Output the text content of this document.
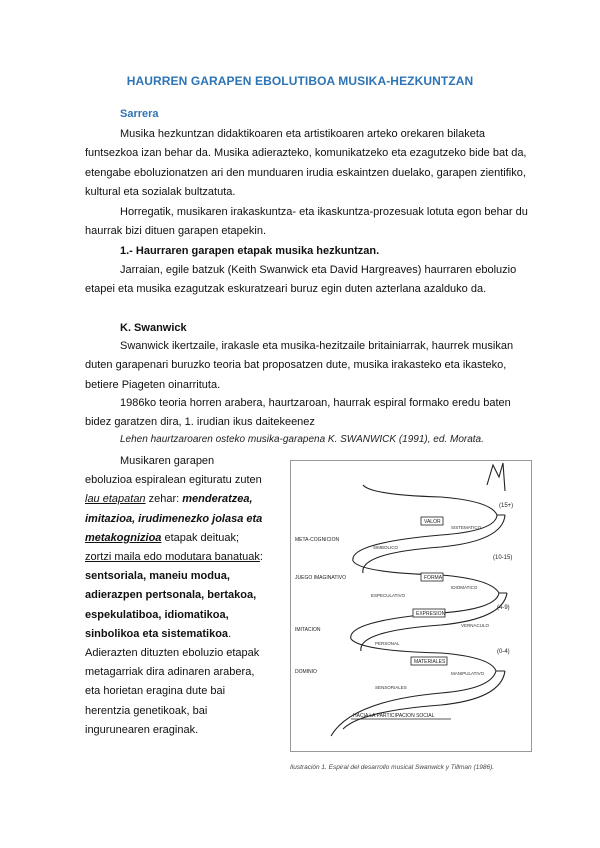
HAURREN GARAPEN EBOLUTIBOA MUSIKA-HEZKUNTZAN
Sarrera
Musika hezkuntzan didaktikoaren eta artistikoaren arteko orekaren bilaketa
funtsezkoa izan behar da. Musika adierazteko, komunikatzeko eta ezagutzeko bide bat da,
etengabe eboluzionatzen ari den munduaren irudia eskaintzen duelako, garapen zientifiko,
kultural eta sozialak bultzatuta.
Horregatik, musikaren irakaskuntza- eta ikaskuntza-prozesuak lotuta egon behar du
haurrak bizi dituen garapen etapekin.
1.- Haurraren garapen etapak musika hezkuntzan.
Jarraian, egile batzuk (Keith Swanwick eta David Hargreaves) haurraren eboluzio
etapei eta musika ezagutzak eskuratzeari buruz egin duten azterlana azalduko da.
K. Swanwick
Swanwick ikertzaile, irakasle eta musika-hezitzaile britainiarrak, haurrek musikan
duten garapenari buruzko teoria bat proposatzen dute, musika irakasteko eta ikasteko,
betiere Piageten oinarrituta.
1986ko teoria horren arabera, haurtzaroan, haurrak espiral formako eredu baten
bidez garatzen dira, 1. irudian ikus daitekeenez
Lehen haurtzaroaren osteko musika-garapena K. SWANWICK (1991), ed. Morata.
Musikaren garapen
eboluzioa espiralean egituratu zuten
lau etapatan zehar: menderatzea,
imitazioa, irudimenezko jolasa eta
metakognizioa etapak deituak;
zortzi maila edo modutara banatuak:
sentsoriala, maneiu modua,
adierazpen pertsonala, bertakoa,
espekulatiboa, idiomatikoa,
sinbolikoa eta sistematikoa.
Adierazten dituzten eboluzio etapak
metagarriak dira adinaren arabera,
eta horietan eragina dute bai
herentzia genetikoak, bai
ingurunearen eraginak.
META-COGNICION
JUEGO IMAGINATIVO
IMITACION
DOMINIO
VALOR
FORMA
EXPRESION
MATERIALES
SISTEMATICO
SIMBOLICO
IDIOMATICO
ESPECULATIVO
VERNACULO
PERSONAL
MANIPULATIVO
SENSORIALES
(15+)
(10-15)
(4-9)
(0-4)
HACIA LA PARTICIPACION SOCIAL
Ilustración 1. Espiral del desarrollo musical Swanwick y Tillman (1986).
